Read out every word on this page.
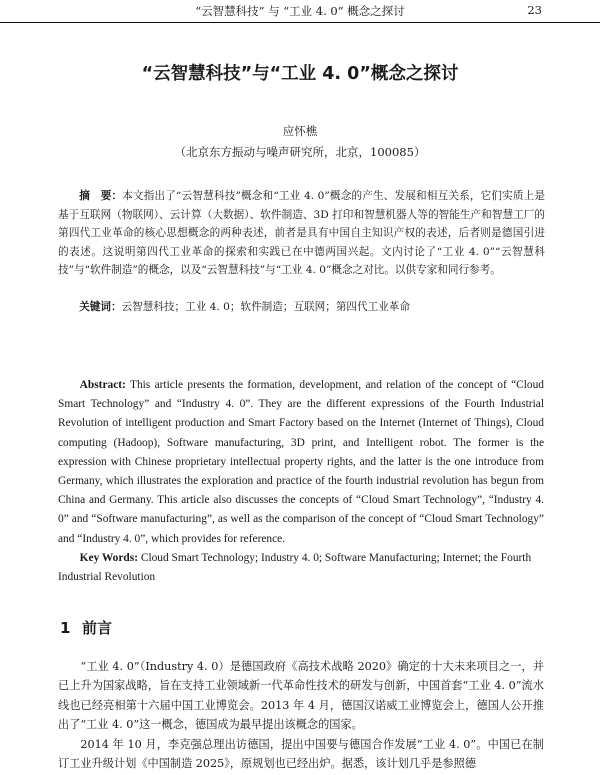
“云智慧科技” 与 “工业 4. 0” 概念之探讨	23
“云智慧科技”与“工业 4. 0”概念之探讨
应怀樵
（北京东方振动与噪声研究所，北京，100085）

摘　要：本文指出了“云智慧科技”概念和“工业 4. 0”概念的产生、发展和相互关系，它们实质上是基于互联网（物联网）、云计算（大数据）、软件制造、3D 打印和智慧机器人等的智能生产和智慧工厂的第四代工业革命的核心思想概念的两种表述，前者是具有中国自主知识产权的表述，后者则是德国引进的表述。这说明第四代工业革命的探索和实践已在中德两国兴起。文内讨论了“工业 4. 0”“云智慧科技”与“软件制造”的概念，以及“云智慧科技”与“工业 4. 0”概念之对比。以供专家和同行参考。

关键词：云智慧科技；工业 4. 0；软件制造；互联网；第四代工业革命

Abstract: This article presents the formation, development, and relation of the concept of “Cloud Smart Technology” and “Industry 4. 0”. They are the different expressions of the Fourth Industrial Revolution of intelligent production and Smart Factory based on the Internet (Internet of Things), Cloud computing (Hadoop), Software manufacturing, 3D print, and Intelligent robot. The former is the expression with Chinese proprietary intellectual property rights, and the latter is the one introduce from Germany, which illustrates the exploration and practice of the fourth industrial revolution has begun from China and Germany. This article also discusses the concepts of “Cloud Smart Technology”, “Industry 4. 0” and “Software manufacturing”, as well as the comparison of the concept of “Cloud Smart Technology” and “Industry 4. 0”, which provides for reference.

Key Words: Cloud Smart Technology; Industry 4. 0; Software Manufacturing; Internet; the Fourth Industrial Revolution

1 前言

“工业 4. 0”（Industry 4. 0）是德国政府《高技术战略 2020》确定的十大未来项目之一，并已上升为国家战略，旨在支持工业领域新一代革命性技术的研发与创新，中国首套“工业 4. 0”流水线也已经亮相第十六届中国工业博览会。2013 年 4 月，德国汉诺威工业博览会上，德国人公开推出了“工业 4. 0”这一概念，德国成为最早提出该概念的国家。

2014 年 10 月，李克强总理出访德国，提出中国要与德国合作发展“工业 4. 0”。中国已在制订工业升级计划《中国制造 2025》，原规划也已经出炉。据悉，该计划几乎是参照德
